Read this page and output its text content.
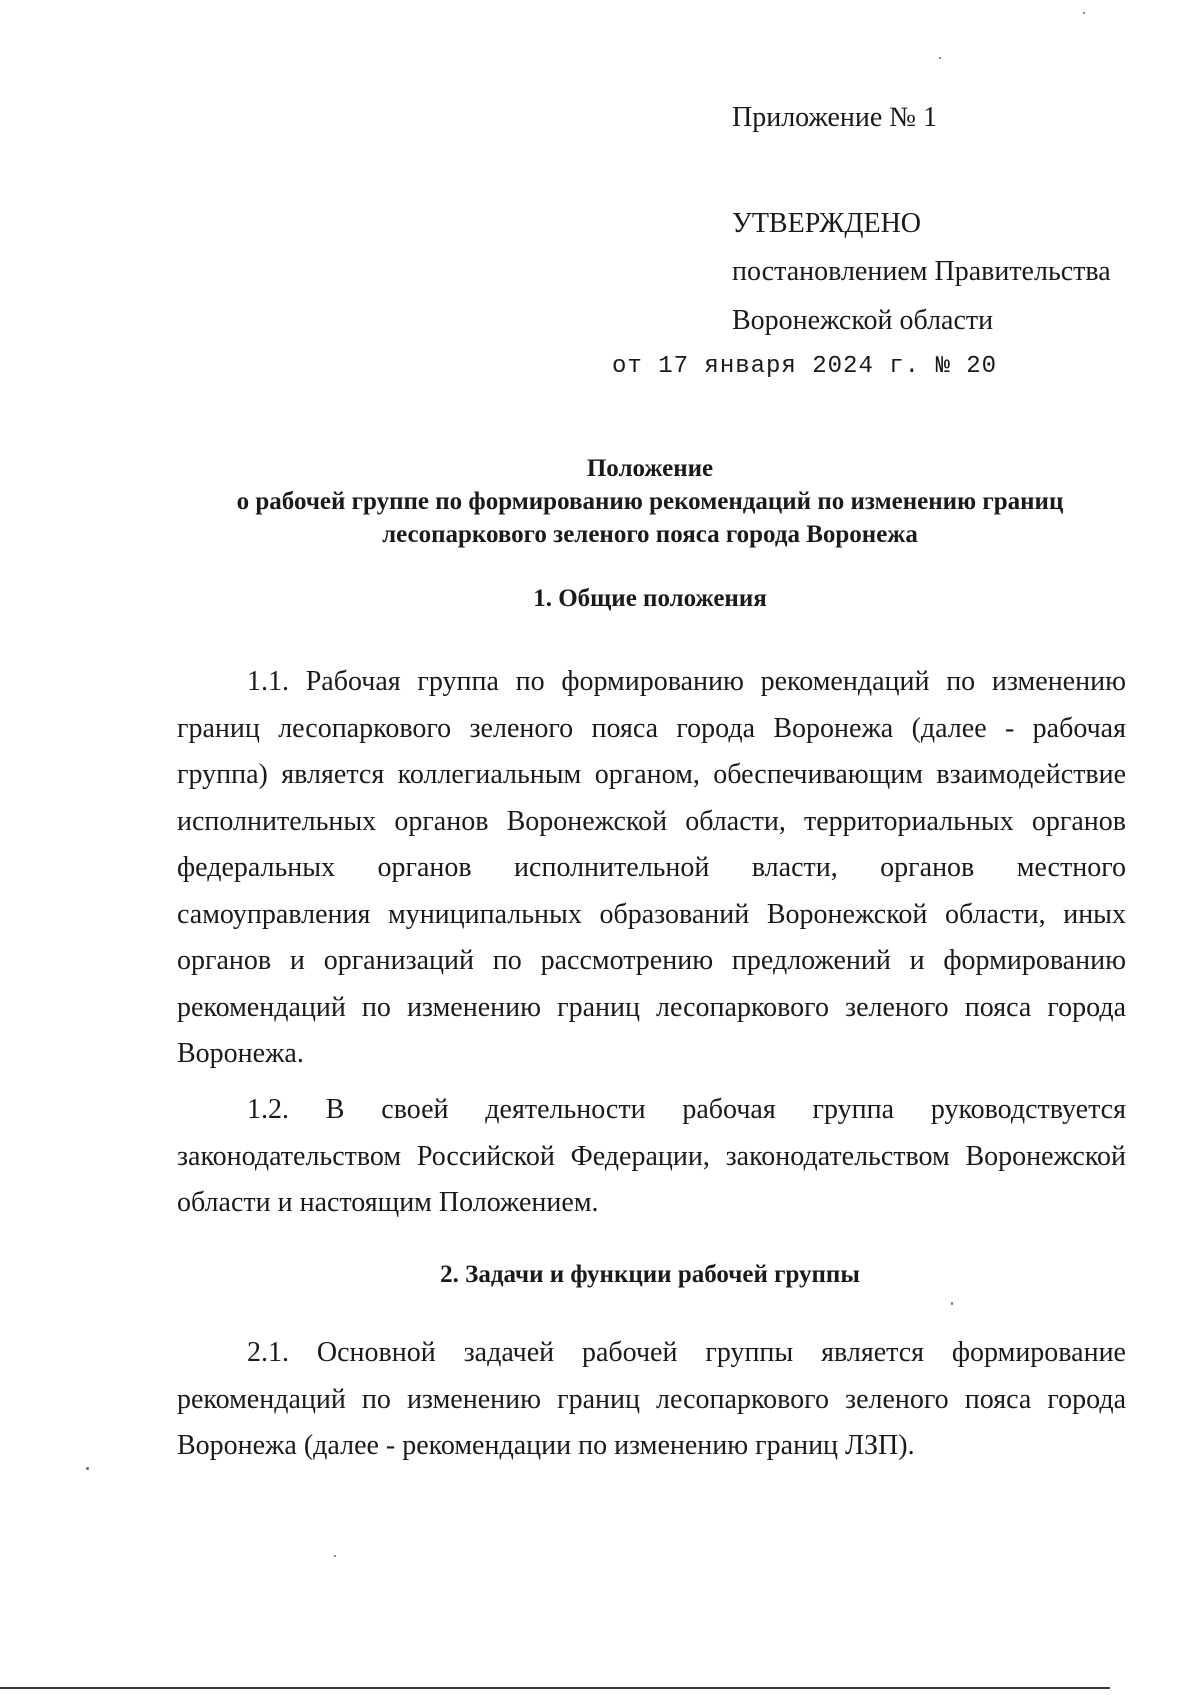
Приложение № 1
УТВЕРЖДЕНО
постановлением Правительства
Воронежской области
от 17 января 2024 г. № 20
Положение
о рабочей группе по формированию рекомендаций по изменению границ
лесопаркового зеленого пояса города Воронежа
1. Общие положения

1.1. Рабочая группа по формированию рекомендаций по изменению границ лесопаркового зеленого пояса города Воронежа (далее - рабочая группа) является коллегиальным органом, обеспечивающим взаимодействие исполнительных органов Воронежской области, территориальных органов федеральных органов исполнительной власти, органов местного самоуправления муниципальных образований Воронежской области, иных органов и организаций по рассмотрению предложений и формированию рекомендаций по изменению границ лесопаркового зеленого пояса города Воронежа.

1.2. В своей деятельности рабочая группа руководствуется законодательством Российской Федерации, законодательством Воронежской области и настоящим Положением.

2. Задачи и функции рабочей группы

2.1. Основной задачей рабочей группы является формирование рекомендаций по изменению границ лесопаркового зеленого пояса города Воронежа (далее - рекомендации по изменению границ ЛЗП).
